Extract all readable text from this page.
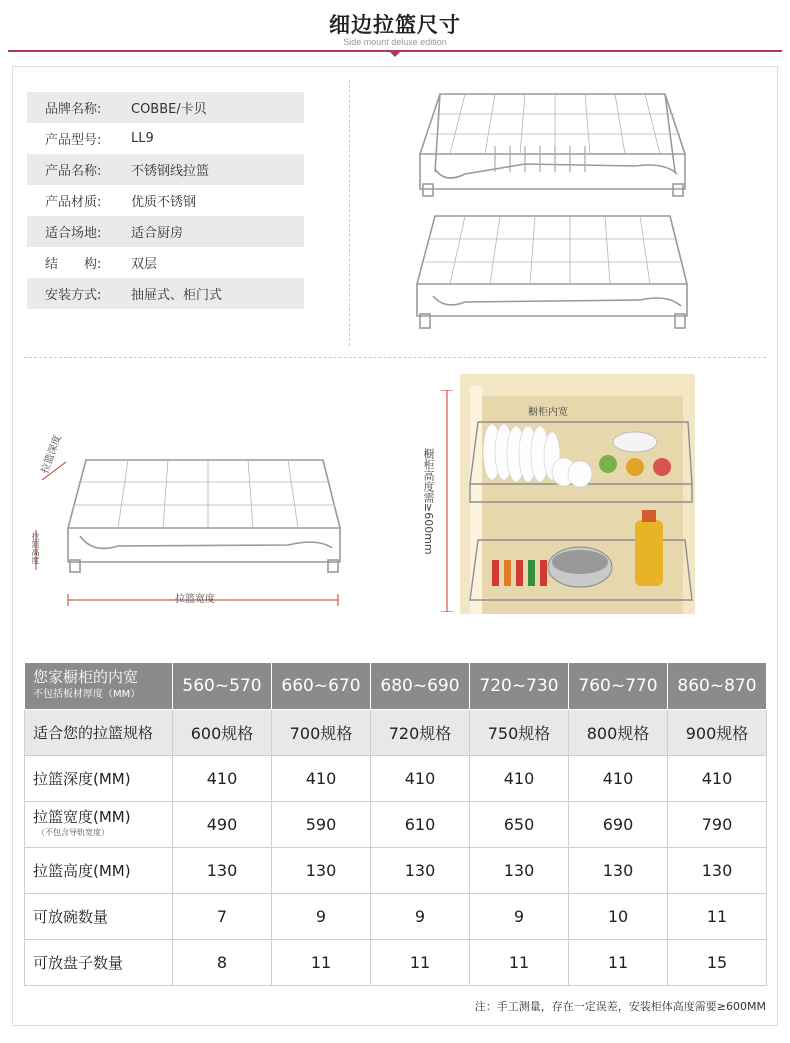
细边拉篮尺寸
Side mount deluxe edition
品牌名称:	COBBE/卡贝
产品型号:	LL9
产品名称:	不锈钢线拉篮
产品材质:	优质不锈钢
适合场地:	适合厨房
结　　构:	双层
安装方式:	抽屉式、柜门式
拉篮深度
拉篮高度
拉篮宽度
橱柜内宽
橱柜高度需≥600mm
您家橱柜的内宽
不包括板材厚度（MM）	560~570	660~670	680~690	720~730	760~770	860~870
适合您的拉篮规格	600规格	700规格	720规格	750规格	800规格	900规格
拉篮深度(MM)	410	410	410	410	410	410
拉篮宽度(MM)
（不包含导轨宽度）	490	590	610	650	690	790
拉篮高度(MM)	130	130	130	130	130	130
可放碗数量	7	9	9	9	10	11
可放盘子数量	8	11	11	11	11	15
注：手工测量，存在一定误差，安装柜体高度需要≥600MM
